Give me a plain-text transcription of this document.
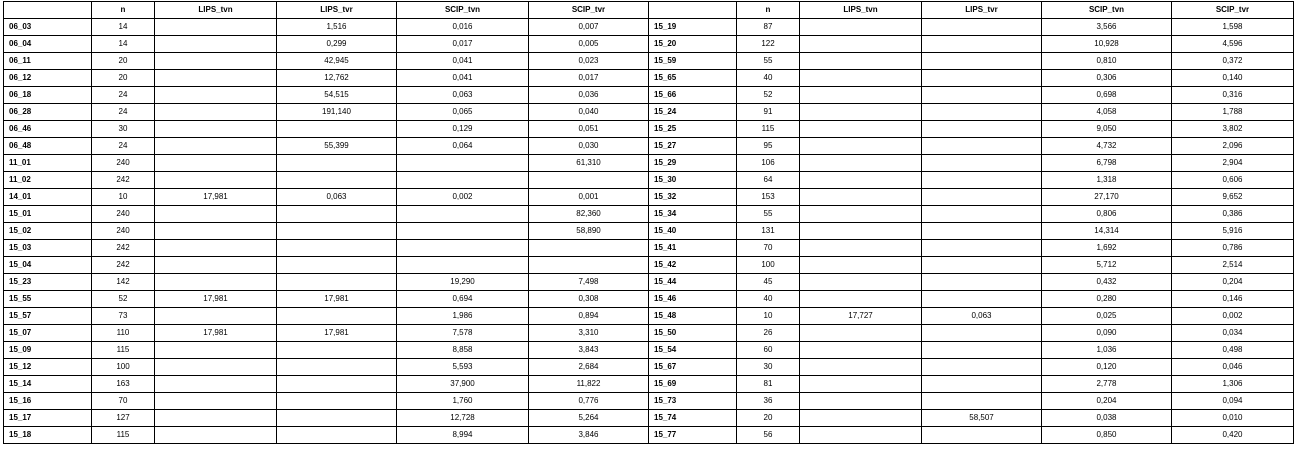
	n	LIPS_tvn	LIPS_tvr	SCIP_tvn	SCIP_tvr		n	LIPS_tvn	LIPS_tvr	SCIP_tvn	SCIP_tvr
06_03	14		1,516	0,016	0,007	15_19	87			3,566	1,598
06_04	14		0,299	0,017	0,005	15_20	122			10,928	4,596
06_11	20		42,945	0,041	0,023	15_59	55			0,810	0,372
06_12	20		12,762	0,041	0,017	15_65	40			0,306	0,140
06_18	24		54,515	0,063	0,036	15_66	52			0,698	0,316
06_28	24		191,140	0,065	0,040	15_24	91			4,058	1,788
06_46	30			0,129	0,051	15_25	115			9,050	3,802
06_48	24		55,399	0,064	0,030	15_27	95			4,732	2,096
11_01	240				61,310	15_29	106			6,798	2,904
11_02	242					15_30	64			1,318	0,606
14_01	10	17,981	0,063	0,002	0,001	15_32	153			27,170	9,652
15_01	240				82,360	15_34	55			0,806	0,386
15_02	240				58,890	15_40	131			14,314	5,916
15_03	242					15_41	70			1,692	0,786
15_04	242					15_42	100			5,712	2,514
15_23	142			19,290	7,498	15_44	45			0,432	0,204
15_55	52	17,981	17,981	0,694	0,308	15_46	40			0,280	0,146
15_57	73			1,986	0,894	15_48	10	17,727	0,063	0,025	0,002
15_07	110	17,981	17,981	7,578	3,310	15_50	26			0,090	0,034
15_09	115			8,858	3,843	15_54	60			1,036	0,498
15_12	100			5,593	2,684	15_67	30			0,120	0,046
15_14	163			37,900	11,822	15_69	81			2,778	1,306
15_16	70			1,760	0,776	15_73	36			0,204	0,094
15_17	127			12,728	5,264	15_74	20		58,507	0,038	0,010
15_18	115			8,994	3,846	15_77	56			0,850	0,420
